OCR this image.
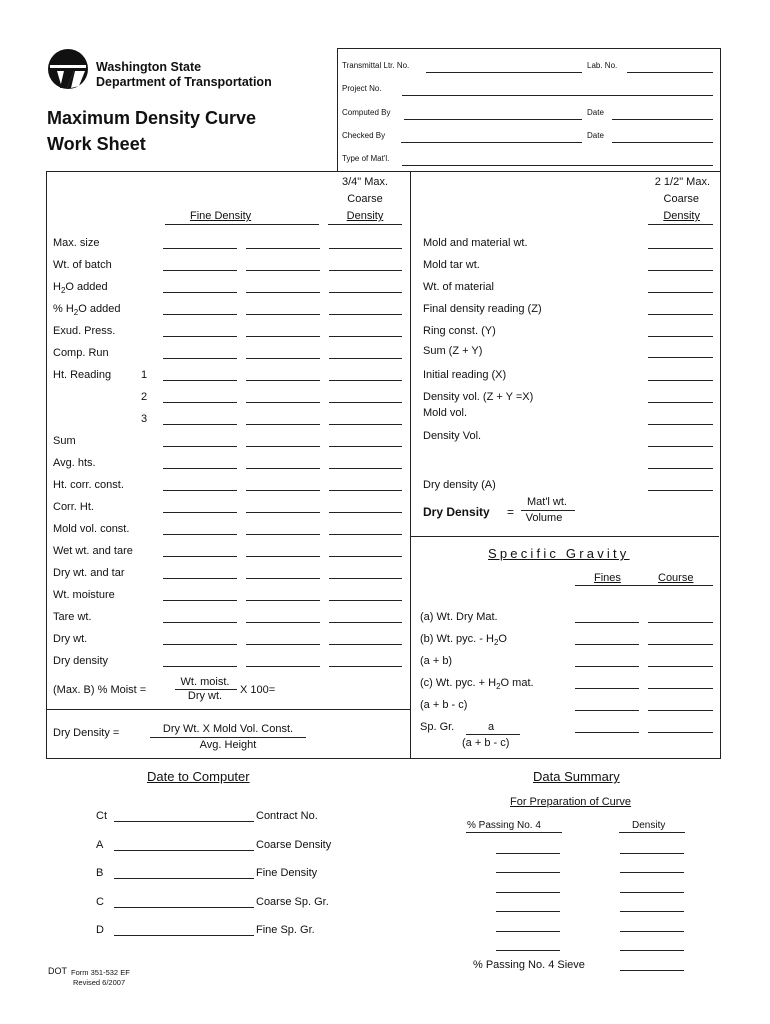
Washington State
Department of Transportation
Maximum Density Curve
Work Sheet
Transmittal Ltr. No.	Lab. No.
Project No.
Computed By	Date
Checked By	Date
Type of Mat'l.
Fine Density
3/4" Max.
Coarse
Density
Max. size
Wt. of batch
$H_2O$ added
% $H_2O$ added
Exud. Press.
Comp. Run
Ht. Reading	1
2
3
Sum
Avg. hts.
Ht. corr. const.
Corr. Ht.
Mold vol. const.
Wet wt. and tare
Dry wt. and tar
Wt. moisture
Tare wt.
Dry wt.
Dry density
(Max. B) % Moist =
Wt. moist.
Dry wt.	X 100=
Dry Density =	Dry Wt. X Mold Vol. Const.
Avg. Height
2 1/2" Max.
Coarse
Density
Mold and material wt.
Mold tar wt.
Wt. of material
Final density reading (Z)
Ring const. (Y)
Sum (Z + Y)
Initial reading (X)
Density vol. (Z + Y =X)
Mold vol.
Density Vol.
Dry density (A)
Dry Density =
Mat'l wt.
Volume
Specific Gravity
Fines	Course
(a) Wt. Dry Mat.
(b) Wt. pyc. - $H_2O$
(a + b)
(c) Wt. pyc. + $H_2O$ mat.
(a + b - c)
Sp. Gr.	a
(a + b - c)
Date to Computer
Ct	Contract No.
A	Coarse Density
B	Fine Density
C	Coarse Sp. Gr.
D	Fine Sp. Gr.
Data Summary
For Preparation of Curve
% Passing No. 4	Density
% Passing No. 4 Sieve
DOT Form 351-532 EF
Revised 6/2007
